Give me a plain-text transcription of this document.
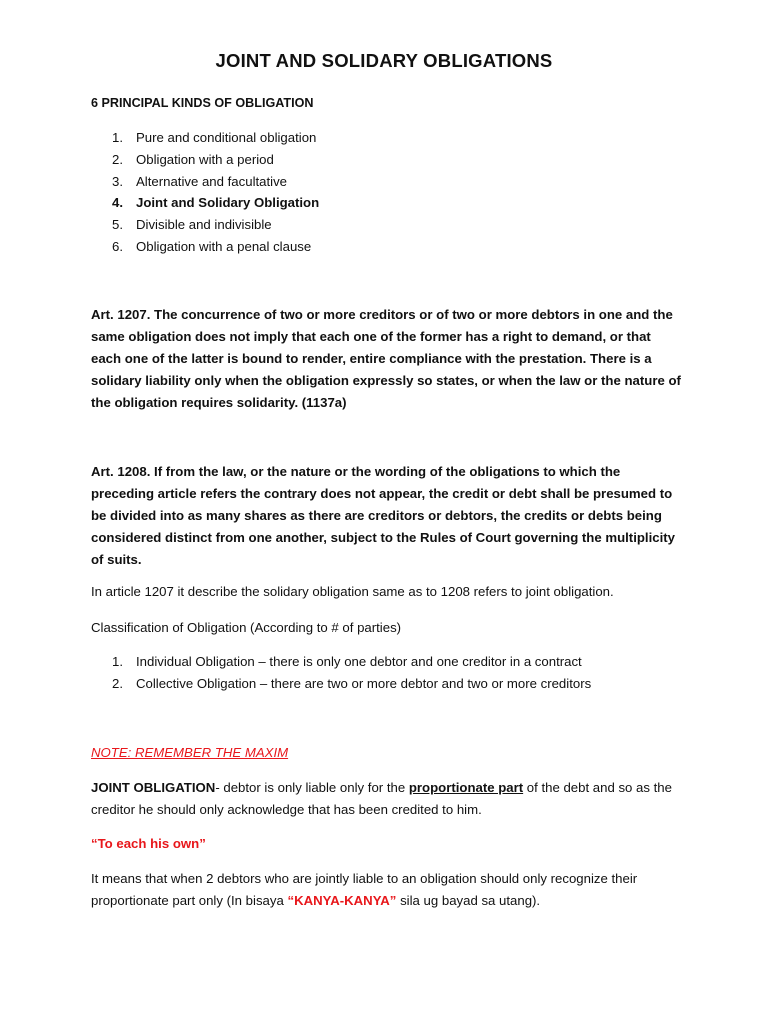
JOINT AND SOLIDARY OBLIGATIONS
6 PRINCIPAL KINDS OF OBLIGATION
1. Pure and conditional obligation
2. Obligation with a period
3. Alternative and facultative
4. Joint and Solidary Obligation
5. Divisible and indivisible
6. Obligation with a penal clause

Art. 1207. The concurrence of two or more creditors or of two or more debtors in one and the same obligation does not imply that each one of the former has a right to demand, or that each one of the latter is bound to render, entire compliance with the prestation. There is a solidary liability only when the obligation expressly so states, or when the law or the nature of the obligation requires solidarity. (1137a)

Art. 1208. If from the law, or the nature or the wording of the obligations to which the preceding article refers the contrary does not appear, the credit or debt shall be presumed to be divided into as many shares as there are creditors or debtors, the credits or debts being considered distinct from one another, subject to the Rules of Court governing the multiplicity of suits.

In article 1207 it describe the solidary obligation same as to 1208 refers to joint obligation.

Classification of Obligation (According to # of parties)

1. Individual Obligation – there is only one debtor and one creditor in a contract
2. Collective Obligation – there are two or more debtor and two or more creditors
NOTE: REMEMBER THE MAXIM

JOINT OBLIGATION- debtor is only liable only for the proportionate part of the debt and so as the creditor he should only acknowledge that has been credited to him.

“To each his own”

It means that when 2 debtors who are jointly liable to an obligation should only recognize their proportionate part only (In bisaya “KANYA-KANYA” sila ug bayad sa utang).
